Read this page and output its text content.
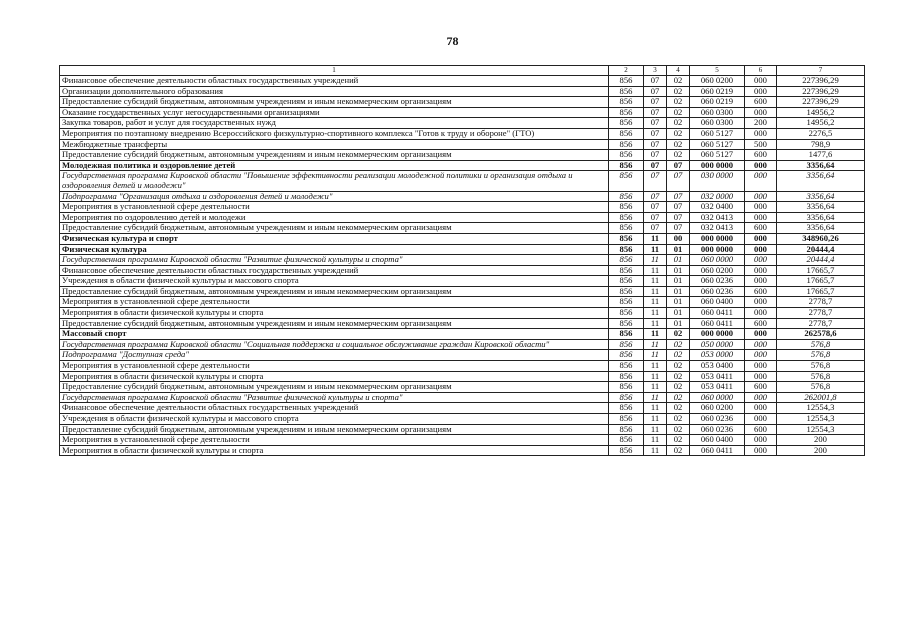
78
1	2	3	4	5	6	7
Финансовое обеспечение деятельности областных государственных учреждений	856	07	02	060 0200	000	227396,29
Организации дополнительного образования	856	07	02	060 0219	000	227396,29
Предоставление субсидий бюджетным, автономным учреждениям и иным некоммерческим организациям	856	07	02	060 0219	600	227396,29
Оказание государственных услуг негосударственными организациями	856	07	02	060 0300	000	14956,2
Закупка товаров, работ и услуг для государственных нужд	856	07	02	060 0300	200	14956,2
Мероприятия по поэтапному внедрению Всероссийского физкультурно-спортивного комплекса "Готов к труду и обороне" (ГТО)	856	07	02	060 5127	000	2276,5
Межбюджетные трансферты	856	07	02	060 5127	500	798,9
Предоставление субсидий бюджетным, автономным учреждениям и иным некоммерческим организациям	856	07	02	060 5127	600	1477,6
Молодежная политика и оздоровление детей	856	07	07	000 0000	000	3356,64
Государственная программа Кировской области "Повышение эффективности реализации молодежной политики и организация отдыха и оздоровления детей и молодежи"	856	07	07	030 0000	000	3356,64
Подпрограмма "Организация отдыха и оздоровления детей и молодежи"	856	07	07	032 0000	000	3356,64
Мероприятия в установленной сфере деятельности	856	07	07	032 0400	000	3356,64
Мероприятия по оздоровлению детей и молодежи	856	07	07	032 0413	000	3356,64
Предоставление субсидий бюджетным, автономным учреждениям и иным некоммерческим организациям	856	07	07	032 0413	600	3356,64
Физическая культура и спорт	856	11	00	000 0000	000	348960,26
Физическая культура	856	11	01	000 0000	000	20444,4
Государственная программа Кировской области "Развитие физической культуры и спорта"	856	11	01	060 0000	000	20444,4
Финансовое обеспечение деятельности областных государственных учреждений	856	11	01	060 0200	000	17665,7
Учреждения в области физической культуры и массового спорта	856	11	01	060 0236	000	17665,7
Предоставление субсидий бюджетным, автономным учреждениям и иным некоммерческим организациям	856	11	01	060 0236	600	17665,7
Мероприятия в установленной сфере деятельности	856	11	01	060 0400	000	2778,7
Мероприятия в области физической культуры и спорта	856	11	01	060 0411	000	2778,7
Предоставление субсидий бюджетным, автономным учреждениям и иным некоммерческим организациям	856	11	01	060 0411	600	2778,7
Массовый спорт	856	11	02	000 0000	000	262578,6
Государственная программа Кировской области "Социальная поддержка и социальное обслуживание граждан Кировской области"	856	11	02	050 0000	000	576,8
Подпрограмма "Доступная среда"	856	11	02	053 0000	000	576,8
Мероприятия в установленной сфере деятельности	856	11	02	053 0400	000	576,8
Мероприятия в области физической культуры и спорта	856	11	02	053 0411	000	576,8
Предоставление субсидий бюджетным, автономным учреждениям и иным некоммерческим организациям	856	11	02	053 0411	600	576,8
Государственная программа Кировской области "Развитие физической культуры и спорта"	856	11	02	060 0000	000	262001,8
Финансовое обеспечение деятельности областных государственных учреждений	856	11	02	060 0200	000	12554,3
Учреждения в области физической культуры и массового спорта	856	11	02	060 0236	000	12554,3
Предоставление субсидий бюджетным, автономным учреждениям и иным некоммерческим организациям	856	11	02	060 0236	600	12554,3
Мероприятия в установленной сфере деятельности	856	11	02	060 0400	000	200
Мероприятия в области физической культуры и спорта	856	11	02	060 0411	000	200
